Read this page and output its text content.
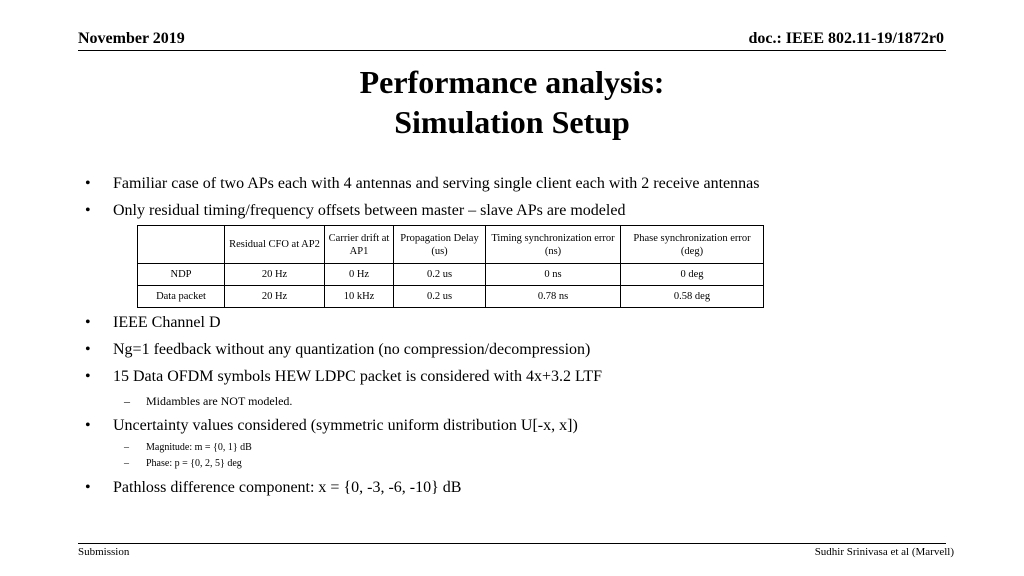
November 2019	doc.: IEEE 802.11-19/1872r0
Performance analysis:
Simulation Setup
• Familiar case of two APs each with 4 antennas and serving single client each with 2 receive antennas
• Only residual timing/frequency offsets between master – slave APs are modeled
	Residual CFO at AP2	Carrier drift at AP1	Propagation Delay (us)	Timing synchronization error (ns)	Phase synchronization error (deg)
NDP	20 Hz	0 Hz	0.2 us	0 ns	0 deg
Data packet	20 Hz	10 kHz	0.2 us	0.78 ns	0.58 deg
• IEEE Channel D
• Ng=1 feedback without any quantization (no compression/decompression)
• 15 Data OFDM symbols HEW LDPC packet is considered with 4x+3.2 LTF
– Midambles are NOT modeled.
• Uncertainty values considered (symmetric uniform distribution U[-x, x])
– Magnitude: m = {0, 1} dB
– Phase: p = {0, 2, 5} deg
• Pathloss difference component: x = {0, -3, -6, -10} dB
Submission	Sudhir Srinivasa et al (Marvell)
